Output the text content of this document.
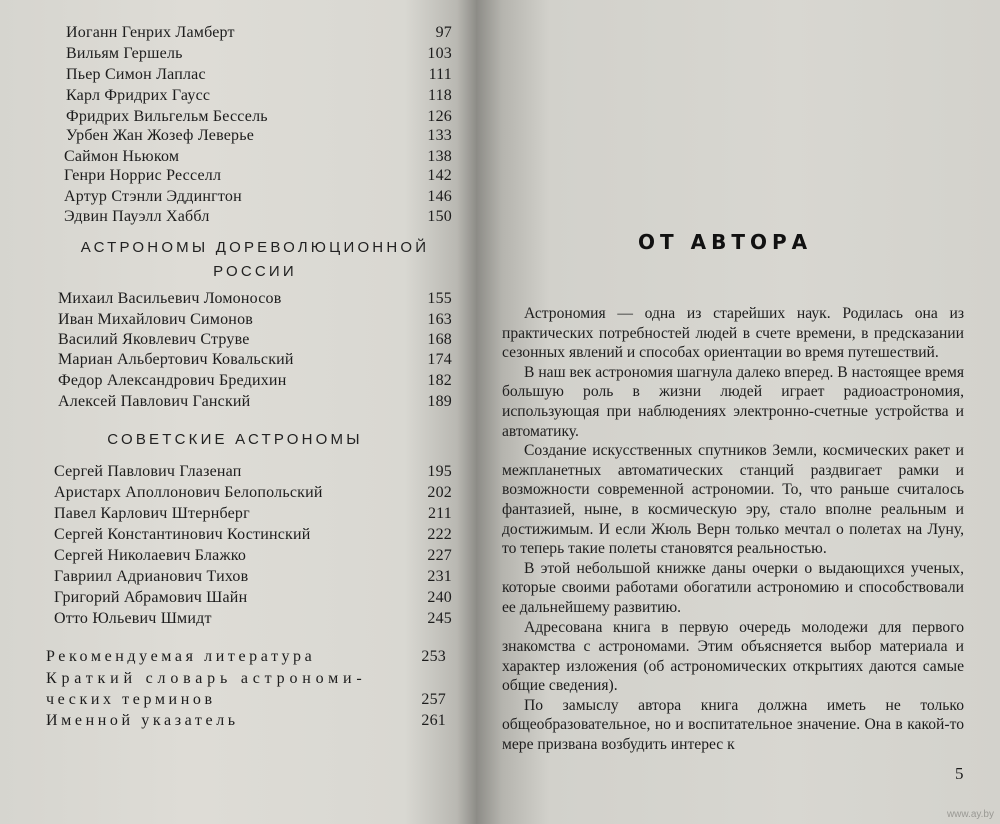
Иоганн Генрих Ламберт	97
Вильям Гершель	103
Пьер Симон Лаплас	111
Карл Фридрих Гаусс	118
Фридрих Вильгельм Бессель	126
Урбен Жан Жозеф Леверье	133
Саймон Ньюком	138
Генри Норрис Ресселл	142
Артур Стэнли Эддингтон	146
Эдвин Пауэлл Хаббл	150
АСТРОНОМЫ ДОРЕВОЛЮЦИОННОЙ
РОССИИ
Михаил Васильевич Ломоносов	155
Иван Михайлович Симонов	163
Василий Яковлевич Струве	168
Мариан Альбертович Ковальский	174
Федор Александрович Бредихин	182
Алексей Павлович Ганский	189
СОВЕТСКИЕ АСТРОНОМЫ
Сергей Павлович Глазенап	195
Аристарх Аполлонович Белопольский	202
Павел Карлович Штернберг	211
Сергей Константинович Костинский	222
Сергей Николаевич Блажко	227
Гавриил Адрианович Тихов	231
Григорий Абрамович Шайн	240
Отто Юльевич Шмидт	245
Рекомендуемая литература	253
Краткий словарь астрономи-
ческих терминов	257
Именной указатель	261
ОТ АВТОРА

Астрономия — одна из старейших наук. Родилась она из практических потребностей людей в счете времени, в предсказании сезонных явлений и способах ориентации во время путешествий.

В наш век астрономия шагнула далеко вперед. В настоящее время большую роль в жизни людей играет радиоастрономия, использующая при наблюдениях электронно-счетные устройства и автоматику.

Создание искусственных спутников Земли, космических ракет и межпланетных автоматических станций раздвигает рамки и возможности современной астрономии. То, что раньше считалось фантазией, ныне, в космическую эру, стало вполне реальным и достижимым. И если Жюль Верн только мечтал о полетах на Луну, то теперь такие полеты становятся реальностью.

В этой небольшой книжке даны очерки о выдающихся ученых, которые своими работами обогатили астрономию и способствовали ее дальнейшему развитию.

Адресована книга в первую очередь молодежи для первого знакомства с астрономами. Этим объясняется выбор материала и характер изложения (об астрономических открытиях даются самые общие сведения).

По замыслу автора книга должна иметь не только общеобразовательное, но и воспитательное значение. Она в какой-то мере призвана возбудить интерес к

5
www.ay.by
